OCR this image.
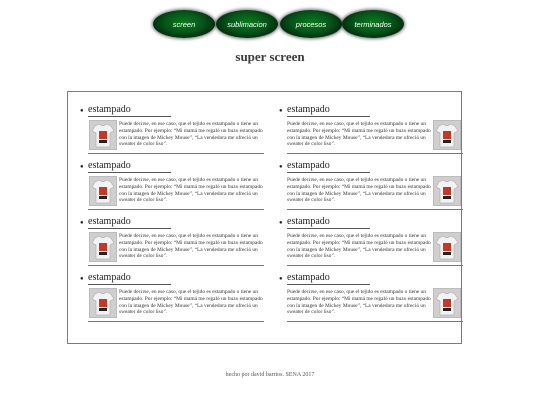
screen	sublimacion	procesos	terminados
super screen
● estampado

Puede decirse, en ese caso, que el tejido es estampado o tiene un estampado. Por ejemplo: “Mi mamá me regaló un buzo estampado con la imagen de Mickey Mouse”, “La vendedora me ofreció un sweater de color liso”.

● estampado

Puede decirse, en ese caso, que el tejido es estampado o tiene un estampado. Por ejemplo: “Mi mamá me regaló un buzo estampado con la imagen de Mickey Mouse”, “La vendedora me ofreció un sweater de color liso”.

● estampado

Puede decirse, en ese caso, que el tejido es estampado o tiene un estampado. Por ejemplo: “Mi mamá me regaló un buzo estampado con la imagen de Mickey Mouse”, “La vendedora me ofreció un sweater de color liso”.

● estampado

Puede decirse, en ese caso, que el tejido es estampado o tiene un estampado. Por ejemplo: “Mi mamá me regaló un buzo estampado con la imagen de Mickey Mouse”, “La vendedora me ofreció un sweater de color liso”.

● estampado

Puede decirse, en ese caso, que el tejido es estampado o tiene un estampado. Por ejemplo: “Mi mamá me regaló un buzo estampado con la imagen de Mickey Mouse”, “La vendedora me ofreció un sweater de color liso”.

● estampado

Puede decirse, en ese caso, que el tejido es estampado o tiene un estampado. Por ejemplo: “Mi mamá me regaló un buzo estampado con la imagen de Mickey Mouse”, “La vendedora me ofreció un sweater de color liso”.

● estampado

Puede decirse, en ese caso, que el tejido es estampado o tiene un estampado. Por ejemplo: “Mi mamá me regaló un buzo estampado con la imagen de Mickey Mouse”, “La vendedora me ofreció un sweater de color liso”.

● estampado

Puede decirse, en ese caso, que el tejido es estampado o tiene un estampado. Por ejemplo: “Mi mamá me regaló un buzo estampado con la imagen de Mickey Mouse”, “La vendedora me ofreció un sweater de color liso”.

hecho por david barrios. SENA 2017
